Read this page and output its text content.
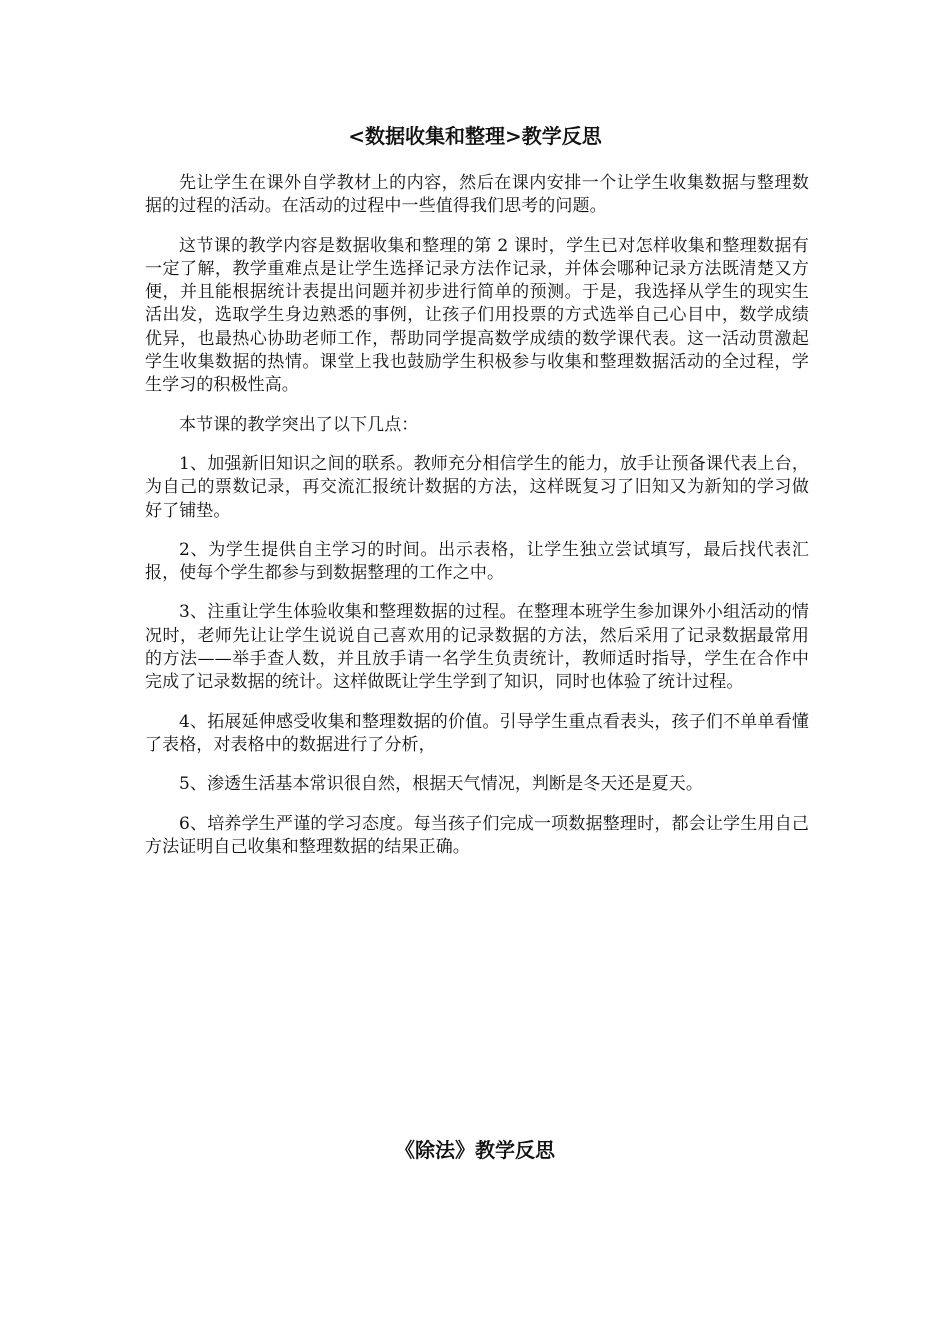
<数据收集和整理>教学反思

先让学生在课外自学教材上的内容，然后在课内安排一个让学生收集数据与整理数据的过程的活动。在活动的过程中一些值得我们思考的问题。

这节课的教学内容是数据收集和整理的第 2 课时，学生已对怎样收集和整理数据有一定了解，教学重难点是让学生选择记录方法作记录，并体会哪种记录方法既清楚又方便，并且能根据统计表提出问题并初步进行简单的预测。于是，我选择从学生的现实生活出发，选取学生身边熟悉的事例，让孩子们用投票的方式选举自己心目中，数学成绩优异，也最热心协助老师工作，帮助同学提高数学成绩的数学课代表。这一活动贯激起学生收集数据的热情。课堂上我也鼓励学生积极参与收集和整理数据活动的全过程，学生学习的积极性高。

本节课的教学突出了以下几点：

1、加强新旧知识之间的联系。教师充分相信学生的能力，放手让预备课代表上台，为自己的票数记录，再交流汇报统计数据的方法，这样既复习了旧知又为新知的学习做好了铺垫。

2、为学生提供自主学习的时间。出示表格，让学生独立尝试填写，最后找代表汇报，使每个学生都参与到数据整理的工作之中。

3、注重让学生体验收集和整理数据的过程。在整理本班学生参加课外小组活动的情况时，老师先让让学生说说自己喜欢用的记录数据的方法，然后采用了记录数据最常用的方法——举手查人数，并且放手请一名学生负责统计，教师适时指导，学生在合作中完成了记录数据的统计。这样做既让学生学到了知识，同时也体验了统计过程。

4、拓展延伸感受收集和整理数据的价值。引导学生重点看表头，孩子们不单单看懂了表格，对表格中的数据进行了分析，

5、渗透生活基本常识很自然，根据天气情况，判断是冬天还是夏天。

6、培养学生严谨的学习态度。每当孩子们完成一项数据整理时，都会让学生用自己方法证明自己收集和整理数据的结果正确。

《除法》教学反思
